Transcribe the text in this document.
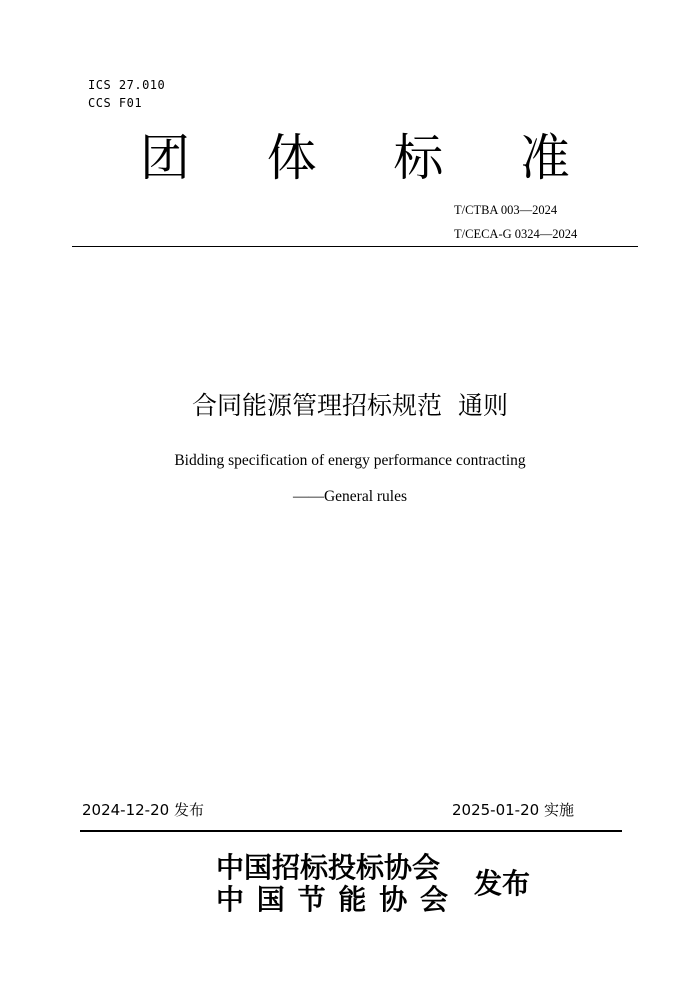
ICS 27.010
CCS F01
团 体 标 准
T/CTBA 003—2024
T/CECA-G 0324—2024
合同能源管理招标规范  通则
Bidding specification of energy performance contracting
——General rules
2024-12-20 发布	2025-01-20 实施
中国招标投标协会
中 国 节 能 协 会 发布
